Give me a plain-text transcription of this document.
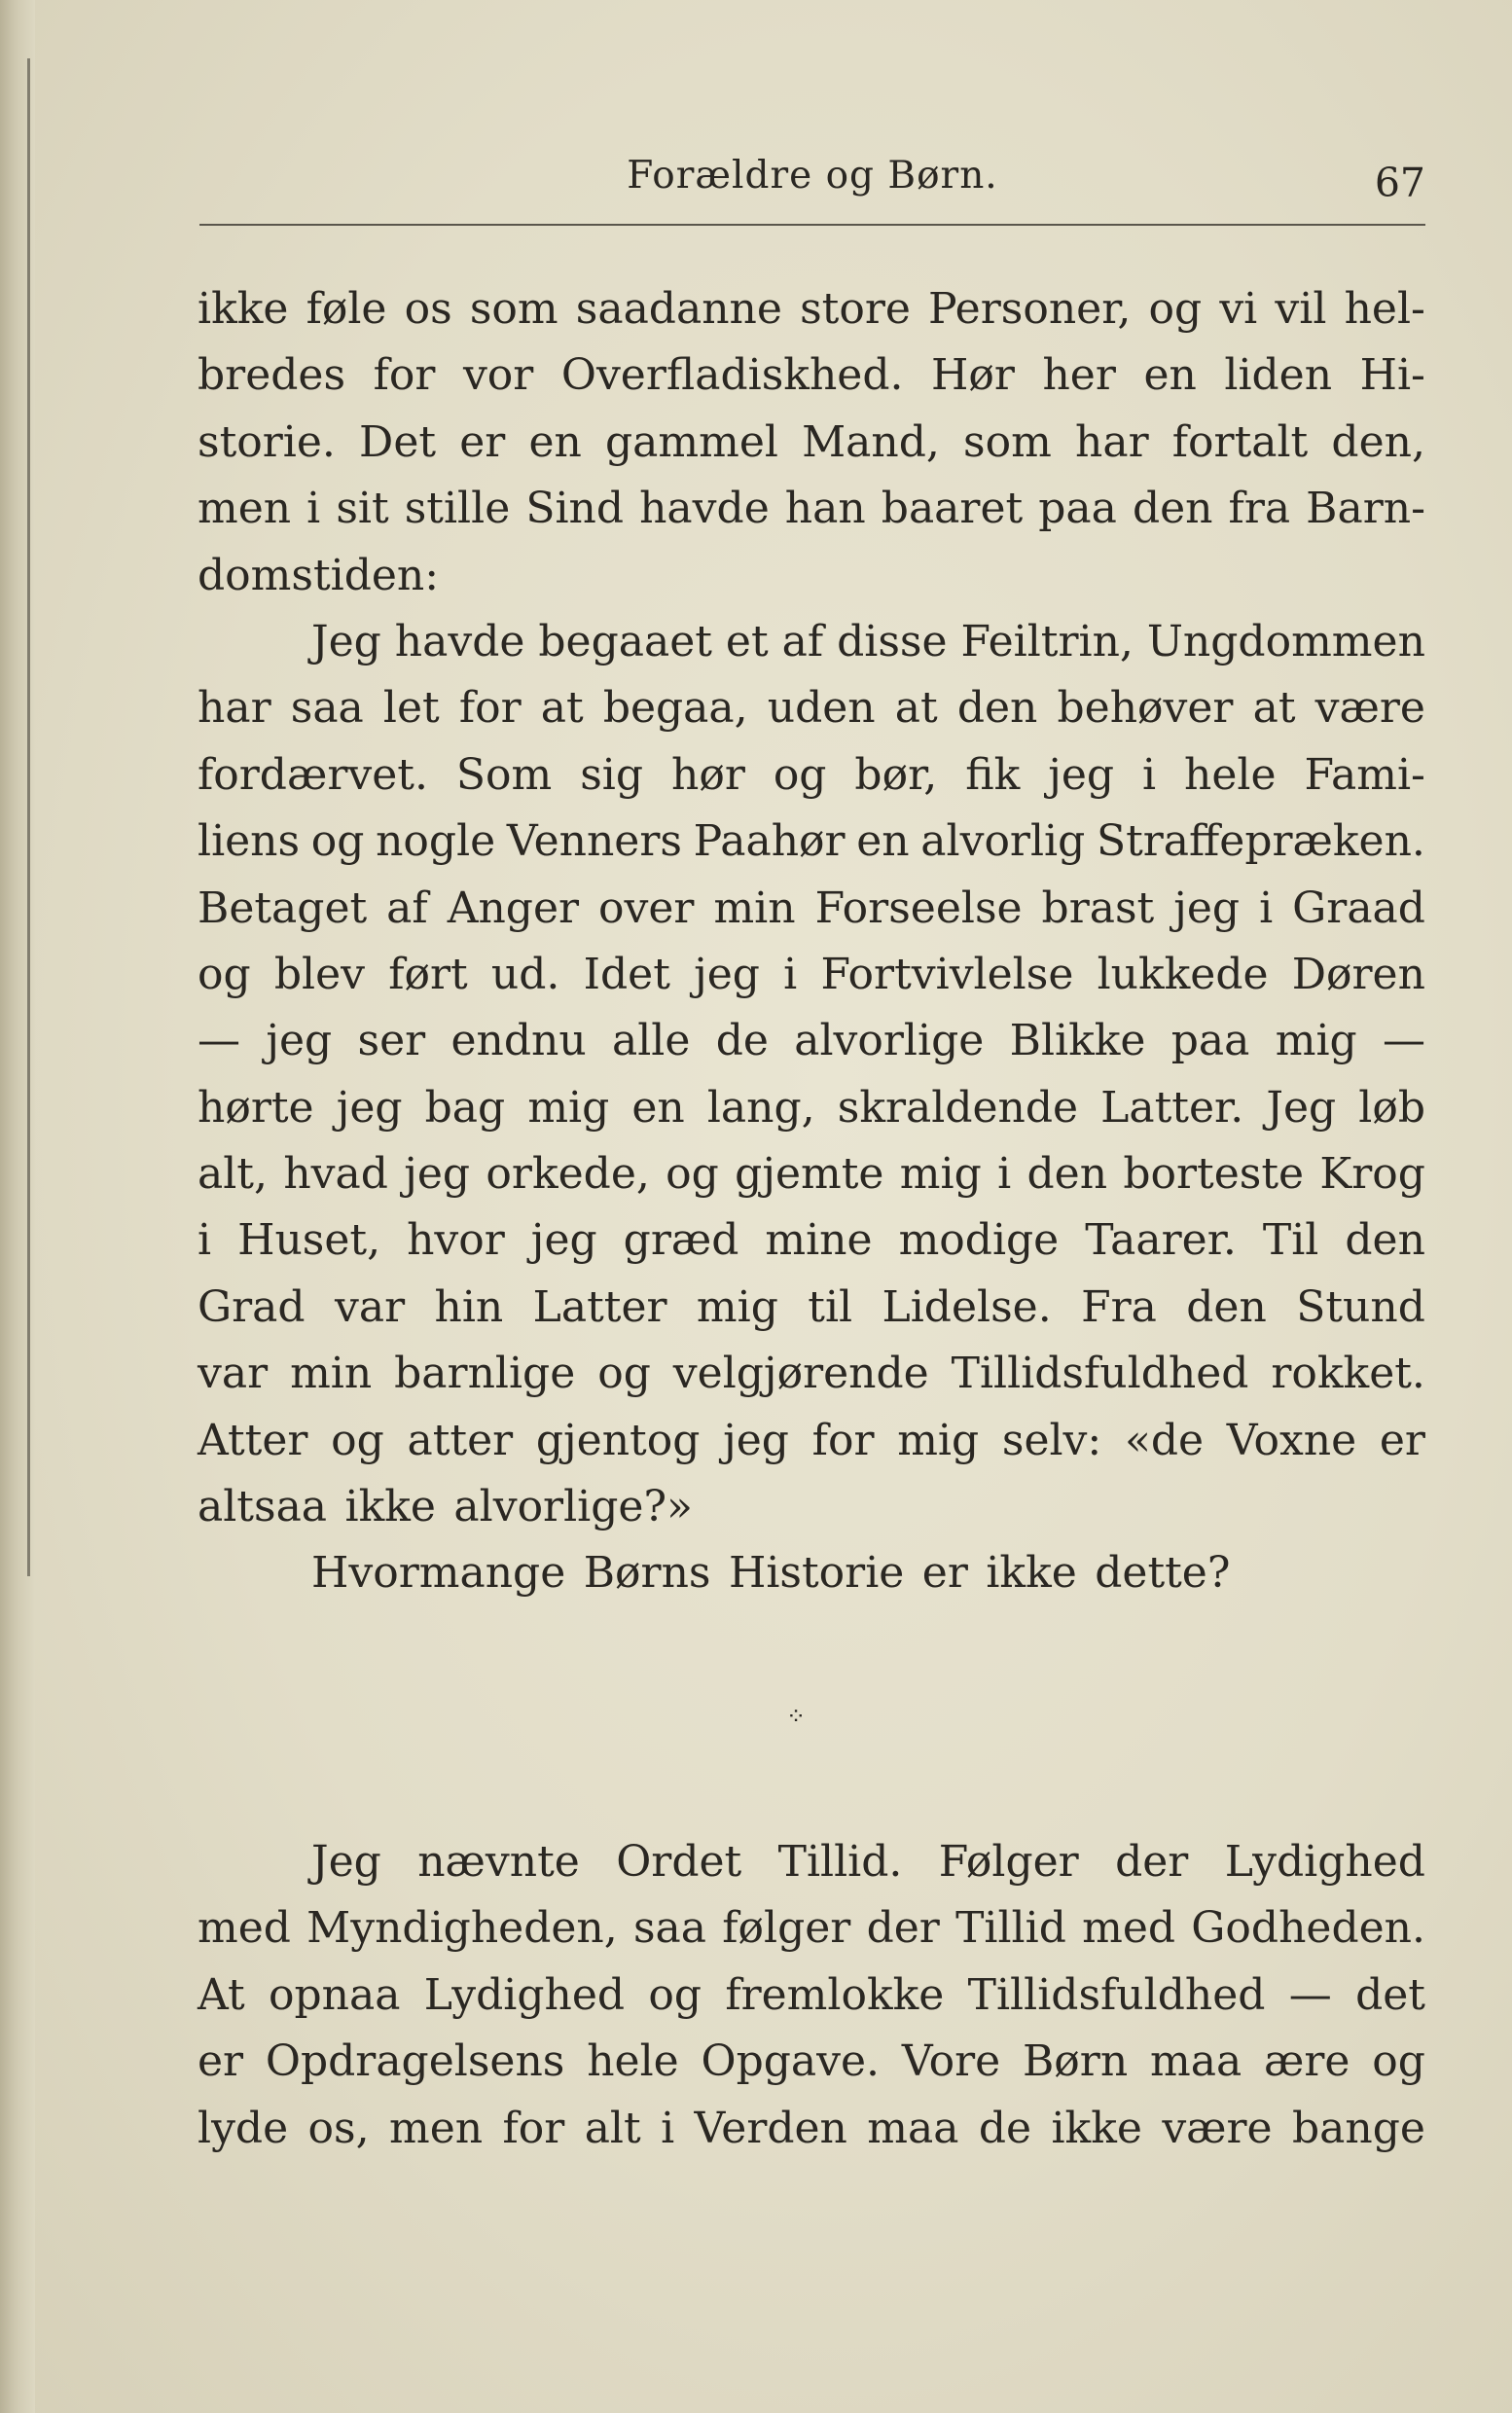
Forældre og Børn.	67
ikke føle os som saadanne store Personer, og vi vil hel-
bredes for vor Overfladiskhed. Hør her en liden Hi-
storie. Det er en gammel Mand, som har fortalt den,
men i sit stille Sind havde han baaret paa den fra Barn-
domstiden:
Jeg havde begaaet et af disse Feiltrin, Ungdommen
har saa let for at begaa, uden at den behøver at være
fordærvet. Som sig hør og bør, fik jeg i hele Fami-
liens og nogle Venners Paahør en alvorlig Straffepræken.
Betaget af Anger over min Forseelse brast jeg i Graad
og blev ført ud. Idet jeg i Fortvivlelse lukkede Døren
— jeg ser endnu alle de alvorlige Blikke paa mig —
hørte jeg bag mig en lang, skraldende Latter. Jeg løb
alt, hvad jeg orkede, og gjemte mig i den borteste Krog
i Huset, hvor jeg græd mine modige Taarer. Til den
Grad var hin Latter mig til Lidelse. Fra den Stund
var min barnlige og velgjørende Tillidsfuldhed rokket.
Atter og atter gjentog jeg for mig selv: «de Voxne er
altsaa ikke alvorlige?»
Hvormange Børns Historie er ikke dette?
⁘
Jeg nævnte Ordet Tillid. Følger der Lydighed
med Myndigheden, saa følger der Tillid med Godheden.
At opnaa Lydighed og fremlokke Tillidsfuldhed — det
er Opdragelsens hele Opgave. Vore Børn maa ære og
lyde os, men for alt i Verden maa de ikke være bange
